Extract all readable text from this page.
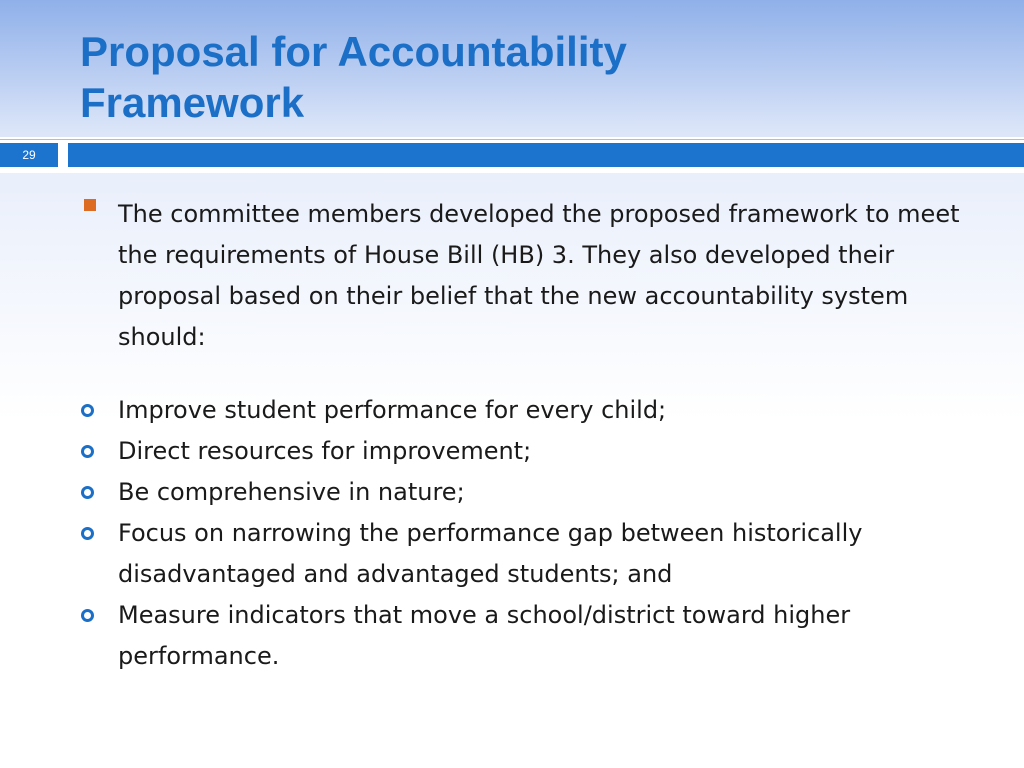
Proposal for Accountability
Framework
29
The committee members developed the proposed framework to meet the requirements of House Bill (HB) 3. They also developed their proposal based on their belief that the new accountability system should:
Improve student performance for every child;
Direct resources for improvement;
Be comprehensive in nature;
Focus on narrowing the performance gap between historically disadvantaged and advantaged students; and
Measure indicators that move a school/district toward higher performance.
